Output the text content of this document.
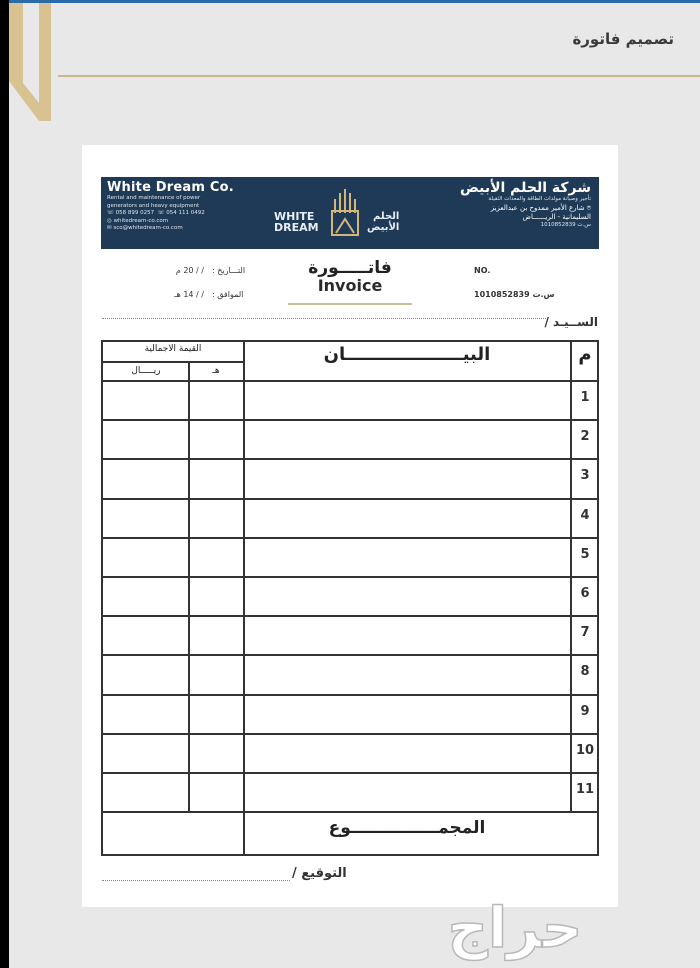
تصميم فاتورة
White Dream Co.
Rental and maintenance of power generators and heavy equipment
☏ 058 899 0257 ☏ 054 111 0492
◎ whitedream-co.com
✉ sco@whitedream-co.com
WHITE
DREAM
الحلم
الأبيض
شركة الحلم الأبيض
تأجير وصيانة مولدات الطاقة والمعدات الثقيلة
⌾ شارع الأمير ممدوح بن عبدالعزيز
السليمانية - الريــــــاض
س.ت 1010852839
التـــاريخ :
/ / 20 م
الموافق :
/ / 14 هـ
فاتـــــورة
Invoice
NO.
1010852839 س.ت
الســيـد /
م
البيـــــــــــــــــــان
القيمة الاجمالية
هـ
ريـــــال
1
2
3
4
5
6
7
8
9
10
11
المجمـــــــــــــــوع
التوقيع /
حراج
